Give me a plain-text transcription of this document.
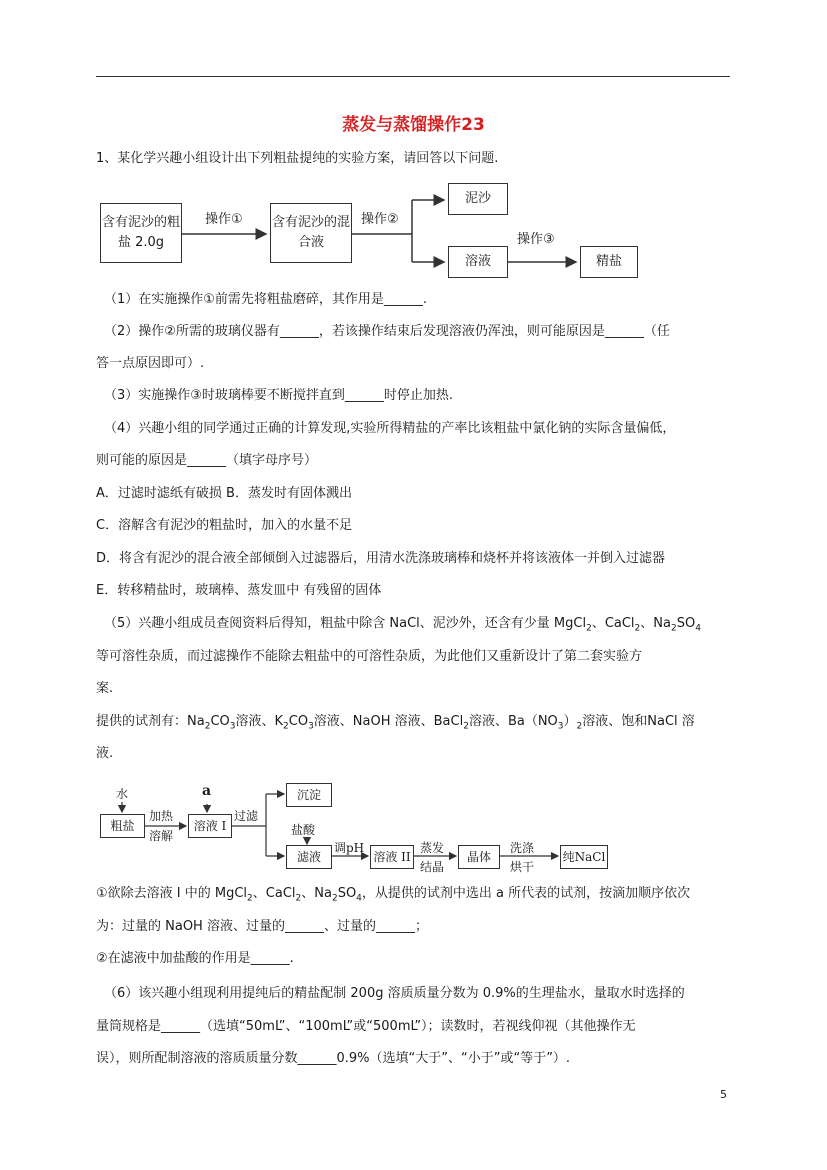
蒸发与蒸馏操作23
1、某化学兴趣小组设计出下列粗盐提纯的实验方案，请回答以下问题.
含有泥沙的粗盐 2.0g
操作① 含有泥沙的混合液
操作②
泥沙
溶液
操作③
精盐
（1）在实施操作①前需先将粗盐磨碎，其作用是______.
（2）操作②所需的玻璃仪器有______，若该操作结束后发现溶液仍浑浊，则可能原因是______（任
答一点原因即可）.
（3）实施操作③时玻璃棒要不断搅拌直到______时停止加热.
（4）兴趣小组的同学通过正确的计算发现,实验所得精盐的产率比该粗盐中氯化钠的实际含量偏低，
则可能的原因是______（填字母序号）
A．过滤时滤纸有破损 B．蒸发时有固体溅出
C．溶解含有泥沙的粗盐时，加入的水量不足
D．将含有泥沙的混合液全部倾倒入过滤器后，用清水洗涤玻璃棒和烧杯并将该液体一并倒入过滤器
E．转移精盐时，玻璃棒、蒸发皿中 有残留的固体
（5）兴趣小组成员查阅资料后得知，粗盐中除含 NaCl、泥沙外，还含有少量 MgCl$_2$、CaCl$_2$、$Na_2SO_4$
等可溶性杂质，而过滤操作不能除去粗盐中的可溶性杂质，为此他们又重新设计了第二套实验方
案.
提供的试剂有：$Na_2CO_3$溶液、$K_2CO_3$溶液、NaOH 溶液、BaCl$_2$溶液、$Ba(NO_3)_2$溶液、饱和NaCl 溶
液.
水	a
粗盐
加热
溶解
溶液 I
过滤
沉淀
盐酸
滤液
调pH
溶液 II
蒸发
结晶
晶体
洗涤
烘干
纯NaCl
①欲除去溶液 I 中的 MgCl$_2$、CaCl$_2$、$Na_2SO_4$，从提供的试剂中选出 a 所代表的试剂，按滴加顺序依次
为：过量的 NaOH 溶液、过量的______、过量的______；
②在滤液中加盐酸的作用是______.
（6）该兴趣小组现利用提纯后的精盐配制 200g 溶质质量分数为 0.9%的生理盐水，量取水时选择的
量筒规格是______（选填“50mL”、“100mL”或“500mL”）；读数时，若视线仰视（其他操作无
误），则所配制溶液的溶质质量分数______0.9%（选填“大于”、“小于”或“等于”）.
5
